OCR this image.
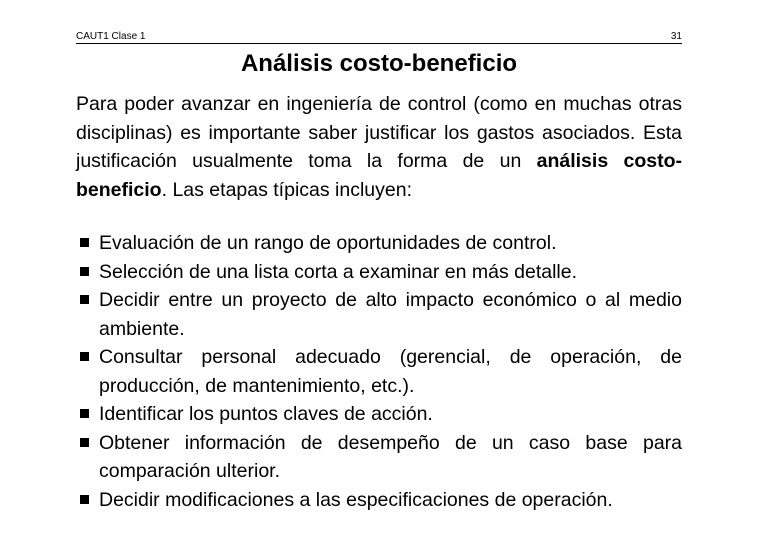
CAUT1 Clase 1	31
Análisis costo-beneficio

Para poder avanzar en ingeniería de control (como en muchas otras disciplinas) es importante saber justificar los gastos asociados. Esta justificación usualmente toma la forma de un análisis costo-beneficio. Las etapas típicas incluyen:

Evaluación de un rango de oportunidades de control.
Selección de una lista corta a examinar en más detalle.
Decidir entre un proyecto de alto impacto económico o al medio ambiente.
Consultar personal adecuado (gerencial, de operación, de producción, de mantenimiento, etc.).
Identificar los puntos claves de acción.
Obtener información de desempeño de un caso base para comparación ulterior.
Decidir modificaciones a las especificaciones de operación.
